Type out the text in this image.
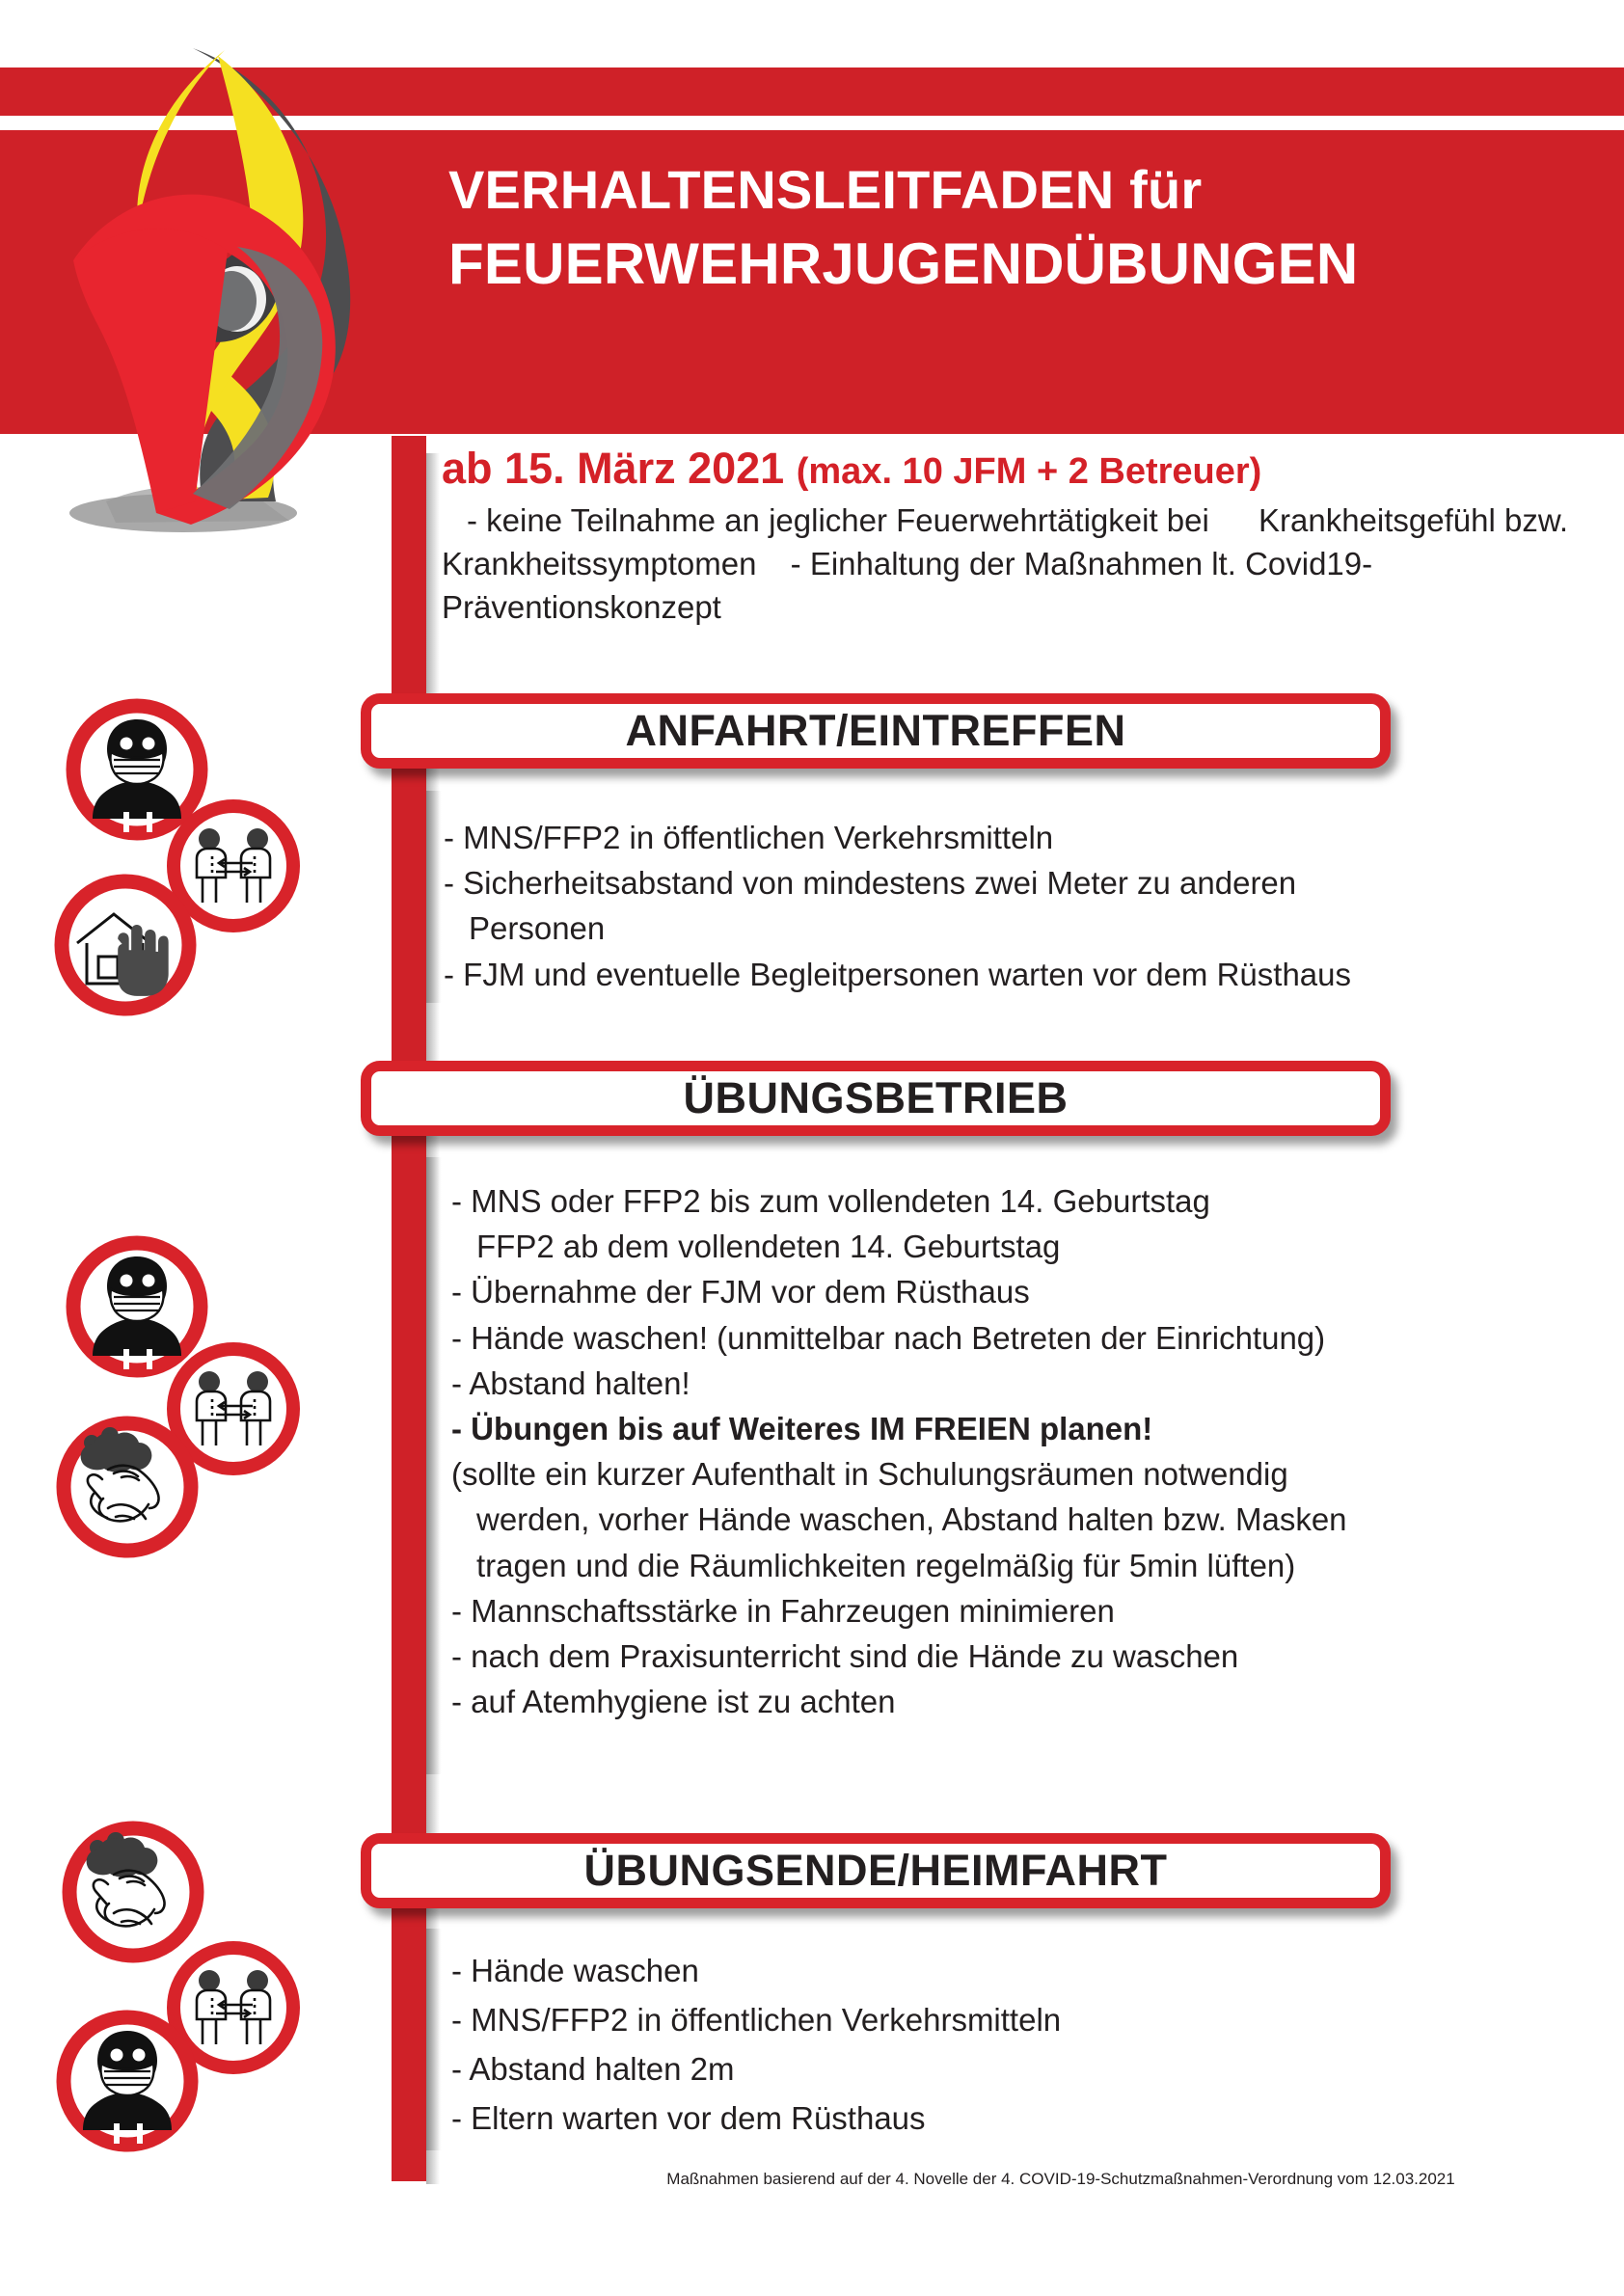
VERHALTENSLEITFADEN für
FEUERWEHRJUGENDÜBUNGEN
ab 15. März 2021 (max. 10 JFM + 2 Betreuer)

- keine Teilnahme an jeglicher Feuerwehrtätigkeit bei Krankheitsgefühl bzw. Krankheitssymptomen - Einhaltung der Maßnahmen lt. Covid19-Präventionskonzept

ANFAHRT/EINTREFFEN
- MNS/FFP2 in öffentlichen Verkehrsmitteln
- Sicherheitsabstand von mindestens zwei Meter zu anderen
Personen
- FJM und eventuelle Begleitpersonen warten vor dem Rüsthaus
ÜBUNGSBETRIEB
- MNS oder FFP2 bis zum vollendeten 14. Geburtstag
FFP2 ab dem vollendeten 14. Geburtstag
- Übernahme der FJM vor dem Rüsthaus
- Hände waschen! (unmittelbar nach Betreten der Einrichtung)
- Abstand halten!
- Übungen bis auf Weiteres IM FREIEN planen!
(sollte ein kurzer Aufenthalt in Schulungsräumen notwendig
werden, vorher Hände waschen, Abstand halten bzw. Masken
tragen und die Räumlichkeiten regelmäßig für 5min lüften)
- Mannschaftsstärke in Fahrzeugen minimieren
- nach dem Praxisunterricht sind die Hände zu waschen
- auf Atemhygiene ist zu achten
ÜBUNGSENDE/HEIMFAHRT
- Hände waschen
- MNS/FFP2 in öffentlichen Verkehrsmitteln
- Abstand halten 2m
- Eltern warten vor dem Rüsthaus
Maßnahmen basierend auf der 4. Novelle der 4. COVID-19-Schutzmaßnahmen-Verordnung vom 12.03.2021
